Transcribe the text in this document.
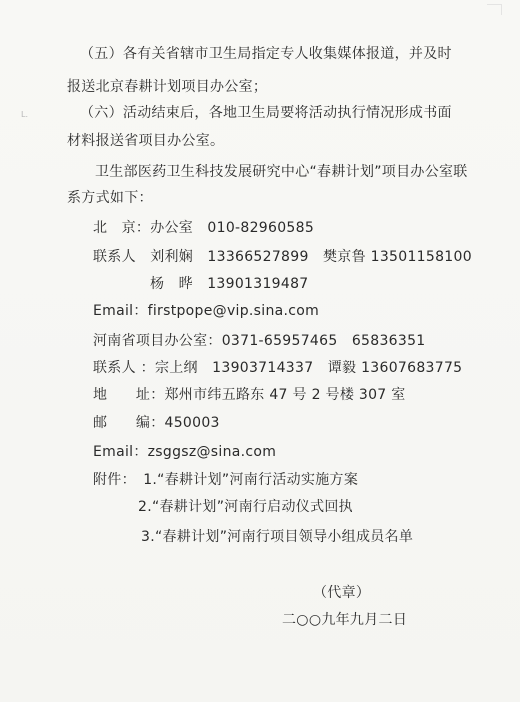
L.
（五）各有关省辖市卫生局指定专人收集媒体报道，并及时
报送北京春耕计划项目办公室；
（六）活动结束后，各地卫生局要将活动执行情况形成书面
材料报送省项目办公室。
卫生部医药卫生科技发展研究中心“春耕计划”项目办公室联
系方式如下：
北　京：办公室　010-82960585
联系人　刘利娴　13366527899　樊京鲁 13501158100
杨　晔　13901319487
Email：firstpope@vip.sina.com
河南省项目办公室：0371-65957465　65836351
联系人 ：宗上纲　13903714337　谭毅 13607683775
地　　址：郑州市纬五路东 47 号 2 号楼 307 室
邮　　编：450003
Email：zsggsz@sina.com
附件：　1.“春耕计划”河南行活动实施方案
2.“春耕计划”河南行启动仪式回执
3.“春耕计划”河南行项目领导小组成员名单
（代章）
二○○九年九月二日
